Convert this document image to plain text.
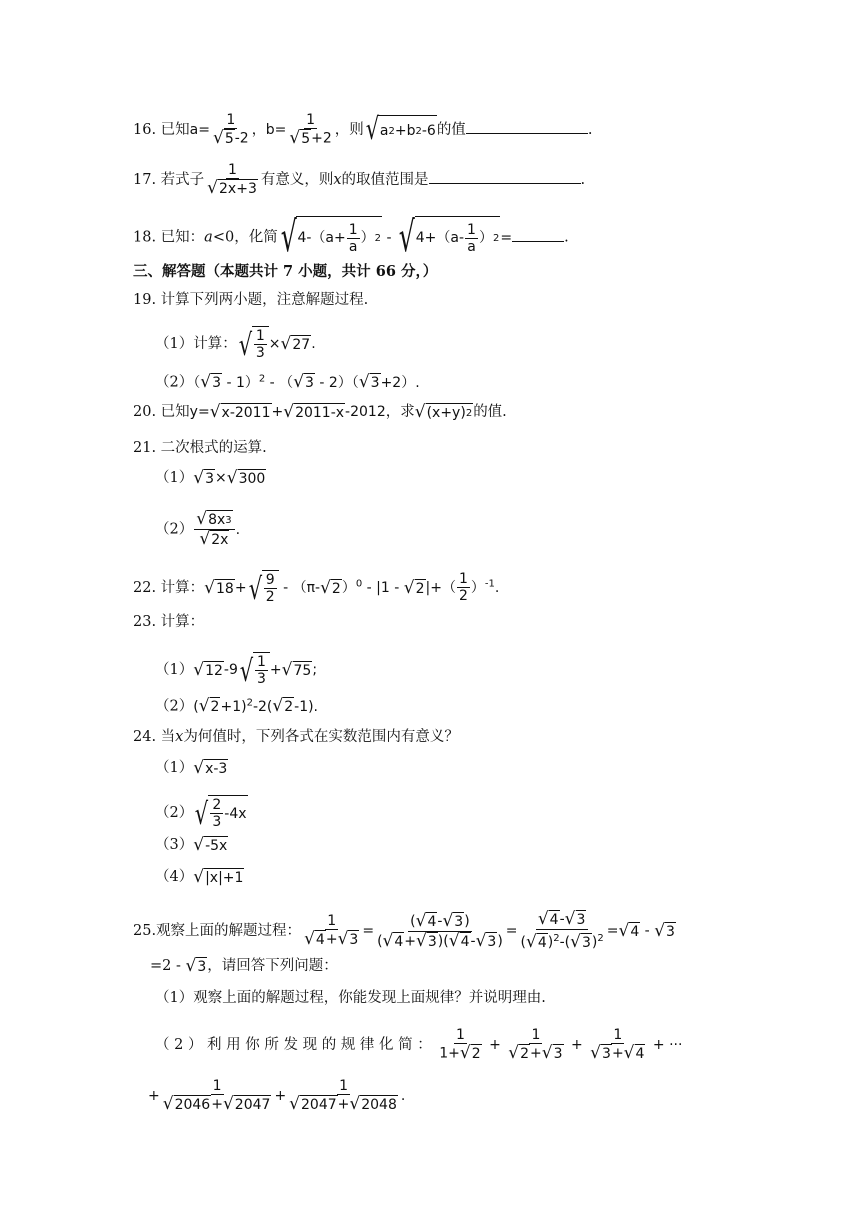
16. 已知$a= \frac{1}{√ 5 -2}$ ，$b= \frac{1}{√ 5 +2}$ ，则 √ a 2 +b 2 -6 的值	.
17. 若式子 $\frac{1}{√ 2x+3}$ 有意义，则x的取值范围是	.
18. 已知：a<0，化简 √ 4-（a+
1
a
） 2 - √ 4+（a-
1
a
） 2 =	.
三、解答题（本题共计 7 小题，共计 66 分，）
19. 计算下列两小题，注意解题过程.
（1）计算： √ 1
3
× √ 27 .
（2）（ √ 3 - 1）$^2$ - （ √ 3 - 2）（ √ 3 +2）.
20. 已知y= √ x-2011 + √ 2011-x -2012，求 √ (x+y) 2 的值.
21. 二次根式的运算.
（1） √ 3 × √ 300
$(2) \frac{√ 8x 3}{√ 2x}$ .
22. 计算： √ 18 + √ 9
2
- （π- √ 2 ）$^0$ - |1 - √ 2 |+（ $\frac{1}{2} )^{-1}$.
23. 计算：
（1） √ 12 -9 √ 1
3
+ √ 75 ;
（2）( √ 2 +1)$^2$-2( √ 2 -1).
24. 当x为何值时，下列各式在实数范围内有意义？
（1） √ x-3
（2） √ 2
3
-4x
（3） √ -5x
（4） √ |x|+1
25.观察上面的解题过程： $\frac{1}{√ 4 + √ 3} = \frac{( √ 4 - √ 3 )}{( √ 4 + √ 3 )( √ 4 - √ 3 )} = \frac{√ 4 - √ 3}{( √ 4 )^2-( √ 3 )^2}$ = √ 4 - √ 3
=2 - √ 3 ，请回答下列问题：
（1）观察上面的解题过程，你能发现上面规律？并说明理由.
（ 2 ） 利 用 你 所 发 现 的 规 律 化 简 ： $\frac{1}{1+ √ 2} + \frac{1}{√ 2 + √ 3} + \frac{1}{√ 3 + √ 4}$ + ···
+ $\frac{1}{√ 2046 + √ 2047} + \frac{1}{√ 2047 + √ 2048}$ .
